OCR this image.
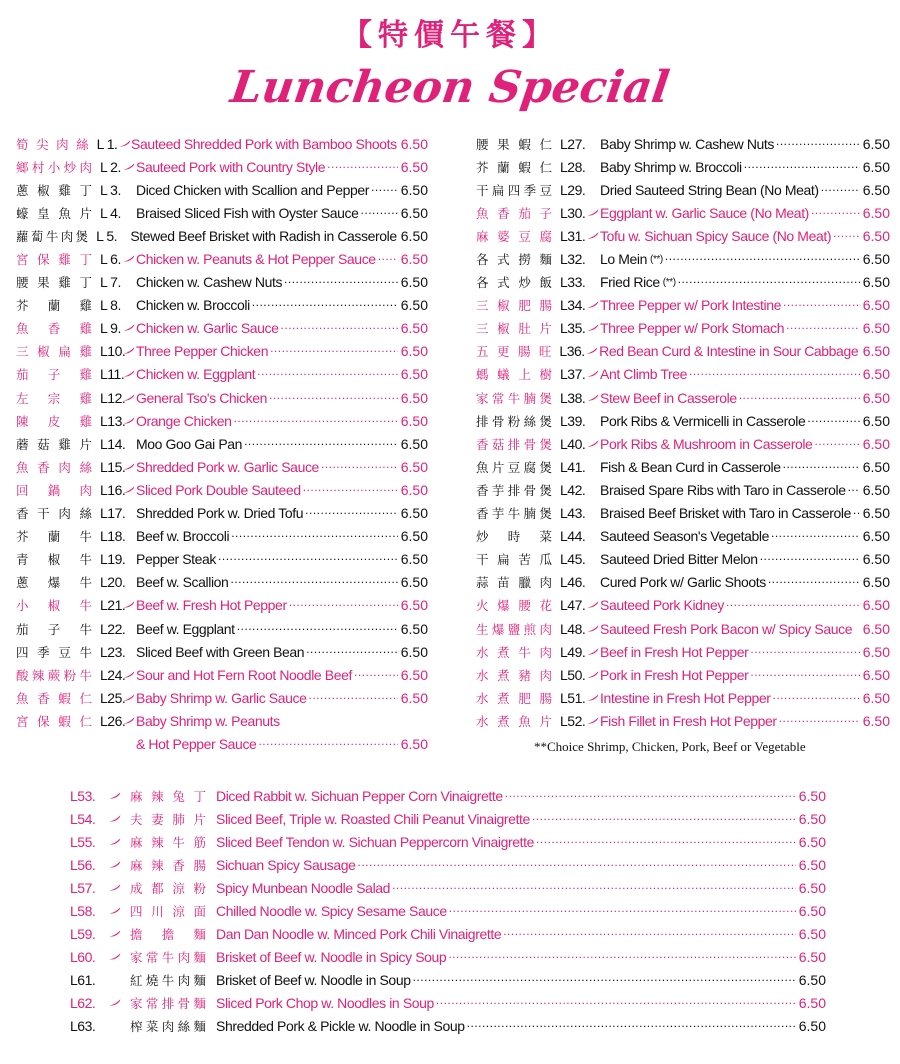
【特價午餐】
Luncheon Special
筍尖肉絲 L 1. Sauteed Shredded Pork with Bamboo Shoots 6.50
鄉村小炒肉 L 2. Sauteed Pork with Country Style .....	6.50
蔥椒雞丁 L 3. Diced Chicken with Scallion and Pepper ..... 6.50
蠔皇魚片 L 4. Braised Sliced Fish with Oyster Sauce .....	6.50
蘿蔔牛肉煲 L 5. Stewed Beef Brisket with Radish in Casserole 6.50
宮保雞丁 L 6. Chicken w. Peanuts & Hot Pepper Sauce ..... 6.50
腰果雞丁 L 7. Chicken w. Cashew Nuts .....	6.50
芥蘭雞 L 8. Chicken w. Broccoli .....	6.50
魚香雞 L 9. Chicken w. Garlic Sauce .....	6.50
三椒扁雞 L10. Three Pepper Chicken .....	6.50
茄子雞 L11. Chicken w. Eggplant .....	6.50
左宗雞 L12. General Tso's Chicken .....	6.50
陳皮雞 L13. Orange Chicken .....	6.50
蘑菇雞片 L14. Moo Goo Gai Pan .....	6.50
魚香肉絲 L15. Shredded Pork w. Garlic Sauce .....	6.50
回鍋肉 L16. Sliced Pork Double Sauteed .....	6.50
香干肉絲 L17. Shredded Pork w. Dried Tofu .....	6.50
芥蘭牛 L18. Beef w. Broccoli .....	6.50
青椒牛 L19. Pepper Steak .....	6.50
蔥爆牛 L20. Beef w. Scallion .....	6.50
小椒牛 L21. Beef w. Fresh Hot Pepper .....	6.50
茄子牛 L22. Beef w. Eggplant .....	6.50
四季豆牛 L23. Sliced Beef with Green Bean .....	6.50
酸辣蕨粉牛 L24. Sour and Hot Fern Root Noodle Beef .....	6.50
魚香蝦仁 L25. Baby Shrimp w. Garlic Sauce .....	6.50
宮保蝦仁 L26. Baby Shrimp w. Peanuts
& Hot Pepper Sauce .....	6.50
腰果蝦仁 L27. Baby Shrimp w. Cashew Nuts .....	6.50
芥蘭蝦仁 L28. Baby Shrimp w. Broccoli .....	6.50
干扁四季豆 L29. Dried Sauteed String Bean (No Meat) .....	6.50
魚香茄子 L30. Eggplant w. Garlic Sauce (No Meat) .....	6.50
麻婆豆腐 L31. Tofu w. Sichuan Spicy Sauce (No Meat) ..... 6.50
各式撈麵 L32. Lo Mein (**) .....	6.50
各式炒飯 L33. Fried Rice (**) .....	6.50
三椒肥腸 L34. Three Pepper w/ Pork Intestine .....	6.50
三椒肚片 L35. Three Pepper w/ Pork Stomach .....	6.50
五更腸旺 L36. Red Bean Curd & Intestine in Sour Cabbage 6.50
螞蟻上樹 L37. Ant Climb Tree .....	6.50
家常牛腩煲 L38. Stew Beef in Casserole .....	6.50
排骨粉絲煲 L39. Pork Ribs & Vermicelli in Casserole .....	6.50
香菇排骨煲 L40. Pork Ribs & Mushroom in Casserole .....	6.50
魚片豆腐煲 L41. Fish & Bean Curd in Casserole .....	6.50
香芋排骨煲 L42. Braised Spare Ribs with Taro in Casserole ..... 6.50
香芋牛腩煲 L43. Braised Beef Brisket with Taro in Casserole ..... 6.50
炒時菜 L44. Sauteed Season's Vegetable .....	6.50
干扁苦瓜 L45. Sauteed Dried Bitter Melon .....	6.50
蒜苗臘肉 L46. Cured Pork w/ Garlic Shoots .....	6.50
火爆腰花 L47. Sauteed Pork Kidney .....	6.50
生爆鹽煎肉 L48. Sauteed Fresh Pork Bacon w/ Spicy Sauce 6.50
水煮牛肉 L49. Beef in Fresh Hot Pepper .....	6.50
水煮豬肉 L50. Pork in Fresh Hot Pepper .....	6.50
水煮肥腸 L51. Intestine in Fresh Hot Pepper .....	6.50
水煮魚片 L52. Fish Fillet in Fresh Hot Pepper .....	6.50
**Choice Shrimp, Chicken, Pork, Beef or Vegetable
L53.	麻辣兔丁 Diced Rabbit w. Sichuan Pepper Corn Vinaigrette .....	6.50
L54.	夫妻肺片 Sliced Beef, Triple w. Roasted Chili Peanut Vinaigrette .....	6.50
L55.	麻辣牛筋 Sliced Beef Tendon w. Sichuan Peppercorn Vinaigrette .....	6.50
L56.	麻辣香腸 Sichuan Spicy Sausage .....	6.50
L57.	成都涼粉 Spicy Munbean Noodle Salad .....	6.50
L58.	四川涼面 Chilled Noodle w. Spicy Sesame Sauce .....	6.50
L59.	擔擔麵 Dan Dan Noodle w. Minced Pork Chili Vinaigrette .....	6.50
L60.	家常牛肉麵 Brisket of Beef w. Noodle in Spicy Soup .....	6.50
L61.	紅燒牛肉麵 Brisket of Beef w. Noodle in Soup .....	6.50
L62.	家常排骨麵 Sliced Pork Chop w. Noodles in Soup .....	6.50
L63.	榨菜肉絲麵 Shredded Pork & Pickle w. Noodle in Soup .....	6.50
